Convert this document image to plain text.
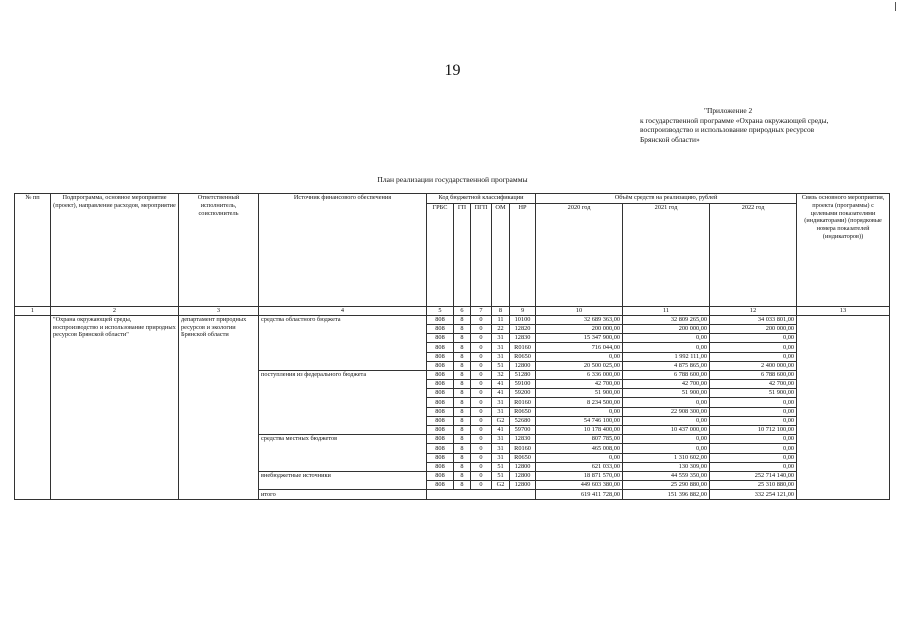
19
"Приложение 2
к государственной программе «Охрана окружающей среды,
воспроизводство и использование природных ресурсов
Брянской области»
План реализации государственной программы
№ пп	Подпрограмма, основное мероприятие (проект), направление расходов, мероприятие	Ответственный исполнитель, соисполнитель	Источник финансового обеспечения	Код бюджетной классификации					Объём средств на реализацию, рублей			Связь основного мероприятия, проекта (программы) с целевыми показателями (индикаторами) (порядковые номера показателей (индикаторов))
				ГРБС	ГП	ПГП	ОМ	НР	2020 год	2021 год	2022 год	
1	2	3	4	5	6	7	8	9	10	11	12	13
	"Охрана окружающей среды, воспроизводство и использование природных ресурсов Брянской области"	департамент природных ресурсов и экологии Брянской области	средства областного бюджета	808	8	0	11	10100	32 689 363,00	32 809 265,00	34 033 801,00	
				808	8	0	22	12820	200 000,00	200 000,00	200 000,00	
				808	8	0	31	12830	15 347 900,00	0,00	0,00	
				808	8	0	31	R0160	716 044,00	0,00	0,00	
				808	8	0	31	R0650	0,00	1 992 111,00	0,00	
				808	8	0	51	12800	20 500 025,00	4 875 865,00	2 400 000,00	
			поступления из федерального бюджета	808	8	0	32	51280	6 336 000,00	6 788 600,00	6 788 600,00	
				808	8	0	41	59100	42 700,00	42 700,00	42 700,00	
				808	8	0	41	59200	51 900,00	51 900,00	51 900,00	
				808	8	0	31	R0160	8 234 500,00	0,00	0,00	
				808	8	0	31	R0650	0,00	22 908 300,00	0,00	
				808	8	0	G2	52680	54 746 100,00	0,00	0,00	
				808	8	0	41	59700	10 178 400,00	10 437 000,00	10 712 100,00	
			средства местных бюджетов	808	8	0	31	12830	807 785,00	0,00	0,00	
				808	8	0	31	R0160	465 008,00	0,00	0,00	
				808	8	0	31	R0650	0,00	1 310 602,00	0,00	
				808	8	0	51	12800	621 033,00	130 309,00	0,00	
			внебюджетные источники	808	8	0	51	12800	18 871 570,00	44 559 350,00	252 714 140,00	
				808	8	0	G2	12800	449 603 380,00	25 290 880,00	25 310 880,00	
			итого						619 411 728,00	151 396 882,00	332 254 121,00	
